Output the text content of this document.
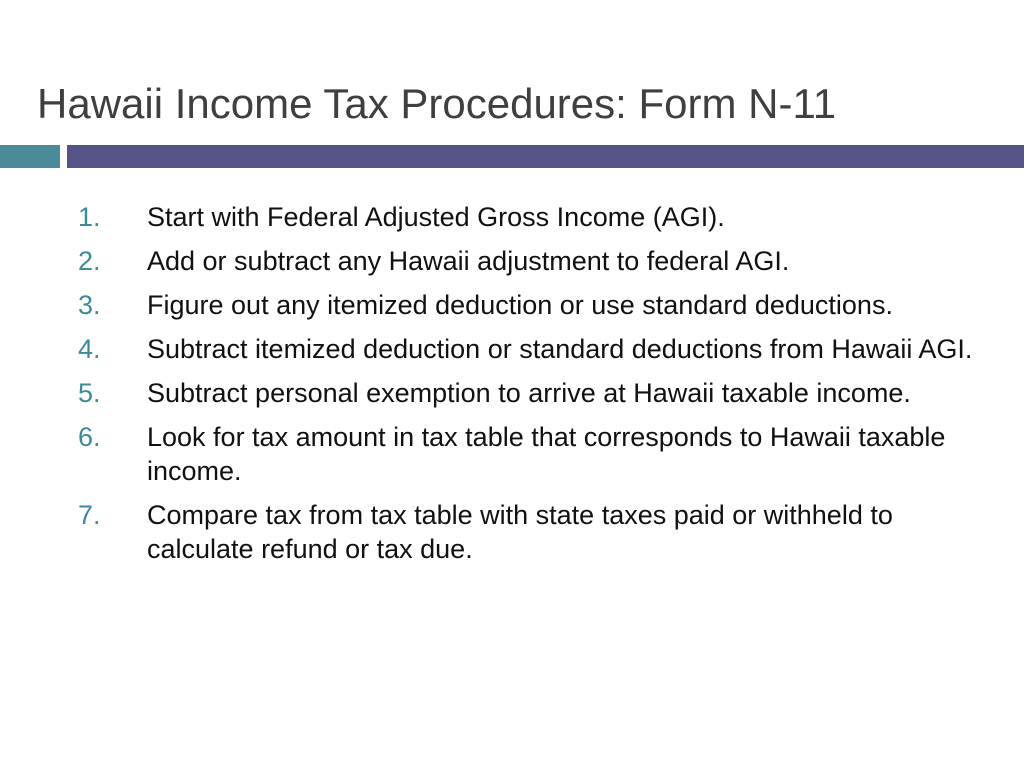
Hawaii Income Tax Procedures: Form N-11
1. Start with Federal Adjusted Gross Income (AGI).
2. Add or subtract any Hawaii adjustment to federal AGI.
3. Figure out any itemized deduction or use standard deductions.
4. Subtract itemized deduction or standard deductions from Hawaii AGI.
5. Subtract personal exemption to arrive at Hawaii taxable income.
6. Look for tax amount in tax table that corresponds to Hawaii taxable income.
7. Compare tax from tax table with state taxes paid or withheld to calculate refund or tax due.
